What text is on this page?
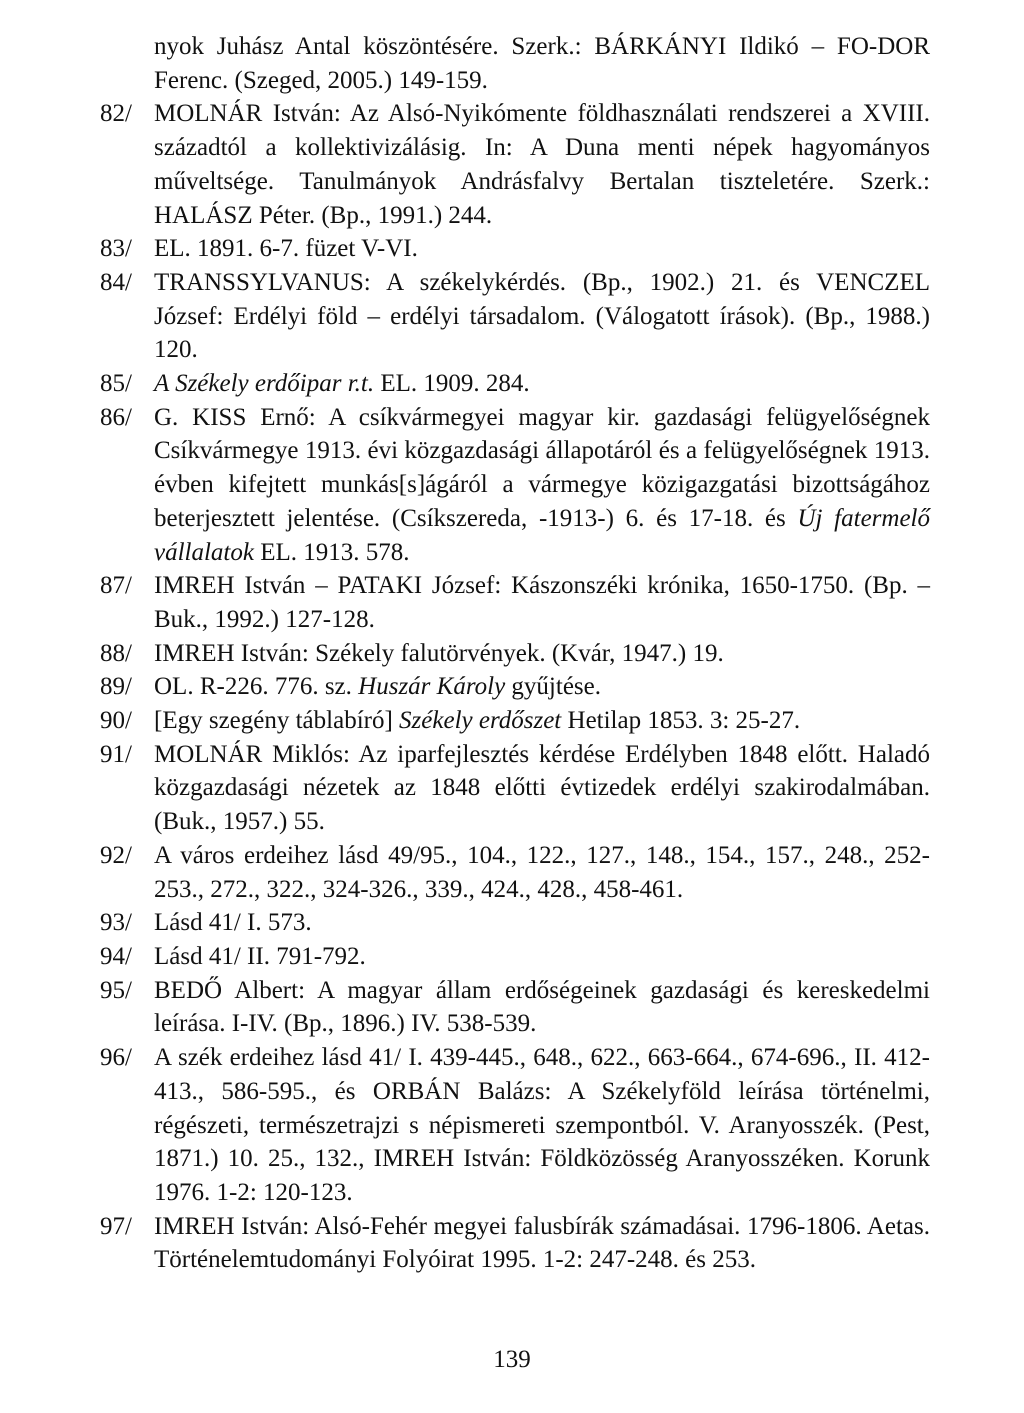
nyok Juhász Antal köszöntésére. Szerk.: BÁRKÁNYI Ildikó – FO-DOR Ferenc. (Szeged, 2005.) 149-159.
82/ MOLNÁR István: Az Alsó-Nyikómente földhasználati rendszerei a XVIII. századtól a kollektivizálásig. In: A Duna menti népek hagyományos műveltsége. Tanulmányok Andrásfalvy Bertalan tiszteletére. Szerk.: HALÁSZ Péter. (Bp., 1991.) 244.
83/ EL. 1891. 6-7. füzet V-VI.
84/ TRANSSYLVANUS: A székelykérdés. (Bp., 1902.) 21. és VENCZEL József: Erdélyi föld – erdélyi társadalom. (Válogatott írások). (Bp., 1988.) 120.
85/ A Székely erdőipar r.t. EL. 1909. 284.
86/ G. KISS Ernő: A csíkvármegyei magyar kir. gazdasági felügyelőségnek Csíkvármegye 1913. évi közgazdasági állapotáról és a felügyelőségnek 1913. évben kifejtett munkás[s]ágáról a vármegye közigazgatási bizottságához beterjesztett jelentése. (Csíkszereda, -1913-) 6. és 17-18. és Új fatermelő vállalatok EL. 1913. 578.
87/ IMREH István – PATAKI József: Kászonszéki krónika, 1650-1750. (Bp. – Buk., 1992.) 127-128.
88/ IMREH István: Székely falutörvények. (Kvár, 1947.) 19.
89/ OL. R-226. 776. sz. Huszár Károly gyűjtése.
90/ [Egy szegény táblabíró] Székely erdőszet Hetilap 1853. 3: 25-27.
91/ MOLNÁR Miklós: Az iparfejlesztés kérdése Erdélyben 1848 előtt. Haladó közgazdasági nézetek az 1848 előtti évtizedek erdélyi szakirodalmában. (Buk., 1957.) 55.
92/ A város erdeihez lásd 49/95., 104., 122., 127., 148., 154., 157., 248., 252-253., 272., 322., 324-326., 339., 424., 428., 458-461.
93/ Lásd 41/ I. 573.
94/ Lásd 41/ II. 791-792.
95/ BEDŐ Albert: A magyar állam erdőségeinek gazdasági és kereskedelmi leírása. I-IV. (Bp., 1896.) IV. 538-539.
96/ A szék erdeihez lásd 41/ I. 439-445., 648., 622., 663-664., 674-696., II. 412-413., 586-595., és ORBÁN Balázs: A Székelyföld leírása történelmi, régészeti, természetrajzi s népismereti szempontból. V. Aranyosszék. (Pest, 1871.) 10. 25., 132., IMREH István: Földközösség Aranyosszéken. Korunk 1976. 1-2: 120-123.
97/ IMREH István: Alsó-Fehér megyei falusbírák számadásai. 1796-1806. Aetas. Történelemtudományi Folyóirat 1995. 1-2: 247-248. és 253.
139
